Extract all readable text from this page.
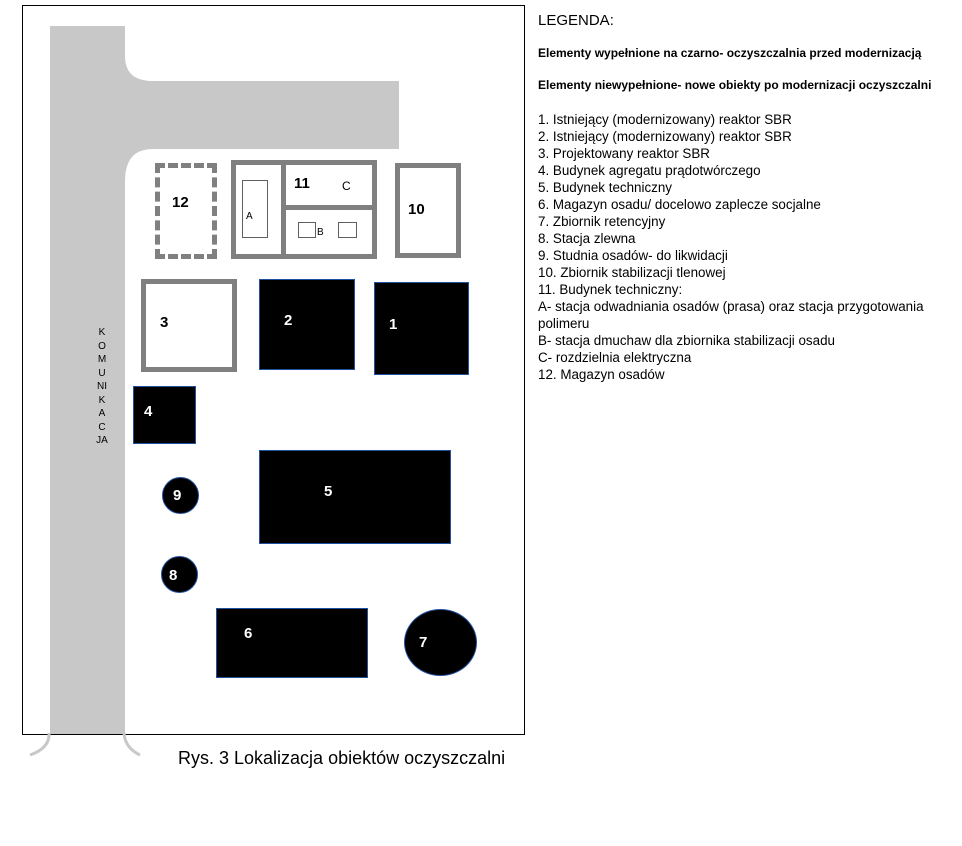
KOMUNIKACJA
12
A
11	C
B
10
3	2	1
4
5
9
8
6
7
Rys. 3 Lokalizacja obiektów oczyszczalni
LEGENDA:
Elementy wypełnione na czarno- oczyszczalnia przed modernizacją
Elementy niewypełnione- nowe obiekty po modernizacji oczyszczalni
1. Istniejący (modernizowany) reaktor SBR
2. Istniejący (modernizowany) reaktor SBR
3. Projektowany reaktor SBR
4. Budynek agregatu prądotwórczego
5. Budynek techniczny
6. Magazyn osadu/ docelowo zaplecze socjalne
7. Zbiornik retencyjny
8. Stacja zlewna
9. Studnia osadów- do likwidacji
10. Zbiornik stabilizacji tlenowej
11. Budynek techniczny:
A- stacja odwadniania osadów (prasa) oraz stacja przygotowania polimeru
B- stacja dmuchaw dla zbiornika stabilizacji osadu
C- rozdzielnia elektryczna
12. Magazyn osadów
